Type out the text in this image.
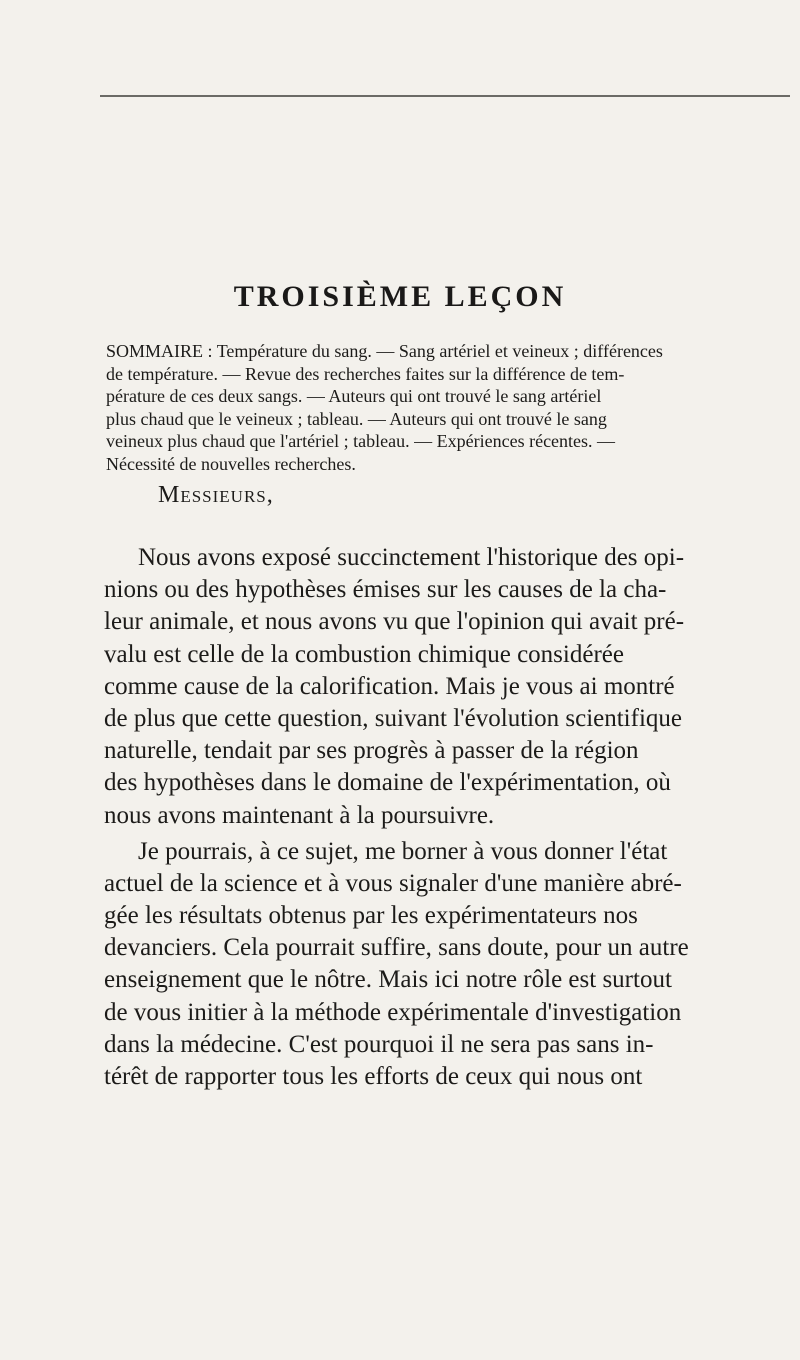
TROISIÈME LEÇON
SOMMAIRE : Température du sang. — Sang artériel et veineux ; différences
de température. — Revue des recherches faites sur la différence de tem-
pérature de ces deux sangs. — Auteurs qui ont trouvé le sang artériel
plus chaud que le veineux ; tableau. — Auteurs qui ont trouvé le sang
veineux plus chaud que l'artériel ; tableau. — Expériences récentes. —
Nécessité de nouvelles recherches.
Messieurs,
Nous avons exposé succinctement l'historique des opi-
nions ou des hypothèses émises sur les causes de la cha-
leur animale, et nous avons vu que l'opinion qui avait pré-
valu est celle de la combustion chimique considérée
comme cause de la calorification. Mais je vous ai montré
de plus que cette question, suivant l'évolution scientifique
naturelle, tendait par ses progrès à passer de la région
des hypothèses dans le domaine de l'expérimentation, où
nous avons maintenant à la poursuivre.
Je pourrais, à ce sujet, me borner à vous donner l'état
actuel de la science et à vous signaler d'une manière abré-
gée les résultats obtenus par les expérimentateurs nos
devanciers. Cela pourrait suffire, sans doute, pour un autre
enseignement que le nôtre. Mais ici notre rôle est surtout
de vous initier à la méthode expérimentale d'investigation
dans la médecine. C'est pourquoi il ne sera pas sans in-
térêt de rapporter tous les efforts de ceux qui nous ont
